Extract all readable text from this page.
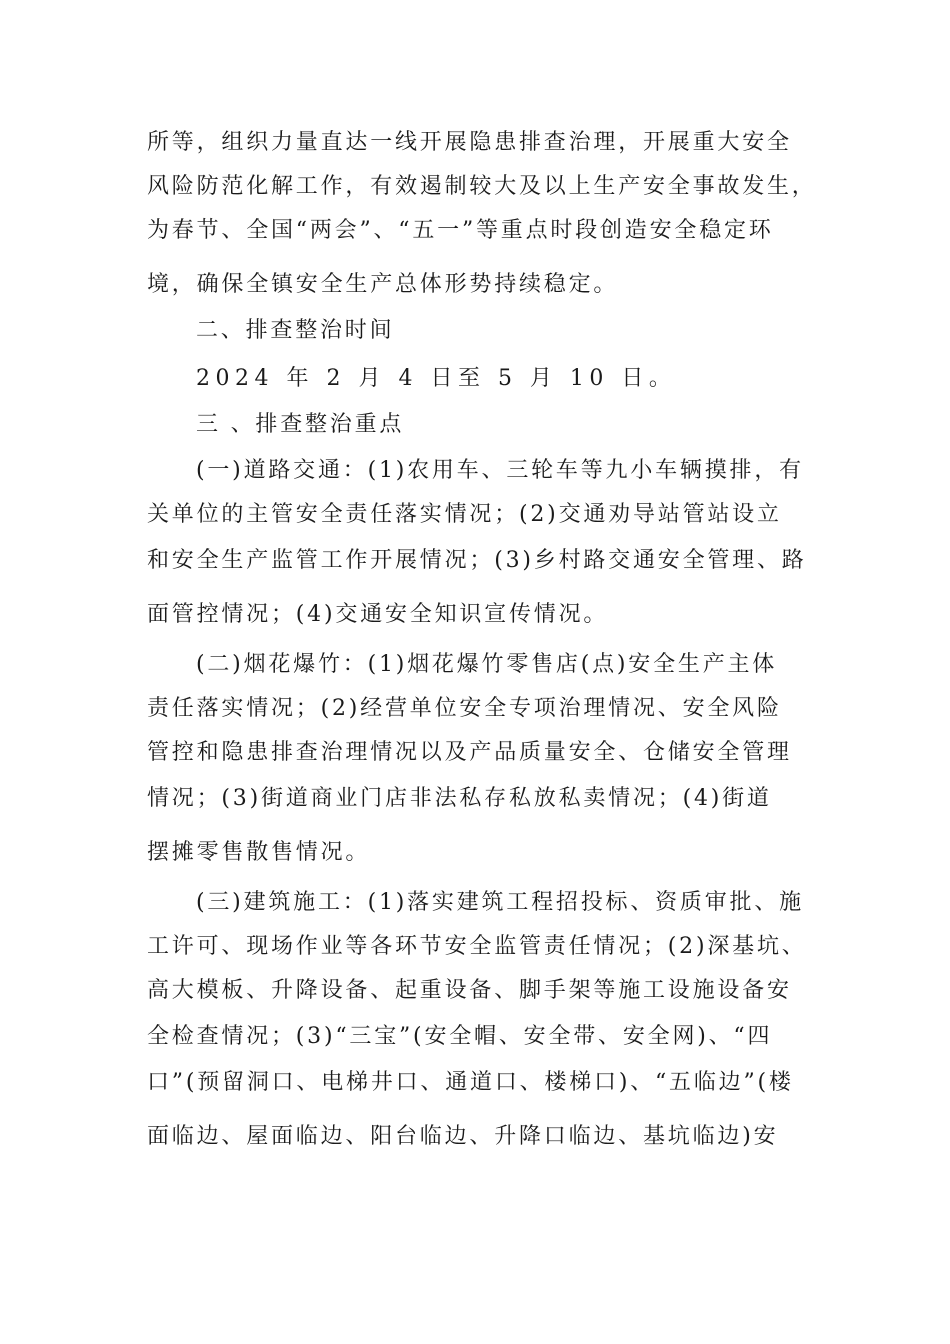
所等，组织力量直达一线开展隐患排查治理，开展重大安全
风险防范化解工作，有效遏制较大及以上生产安全事故发生，
为春节、全国“两会”、“五一”等重点时段创造安全稳定环
境，确保全镇安全生产总体形势持续稳定。
二、排查整治时间
2024 年 2 月 4 日至 5 月 10 日。
三 、排查整治重点
(一)道路交通：(1)农用车、三轮车等九小车辆摸排，有
关单位的主管安全责任落实情况；(2)交通劝导站管站设立
和安全生产监管工作开展情况；(3)乡村路交通安全管理、路
面管控情况；(4)交通安全知识宣传情况。
(二)烟花爆竹：(1)烟花爆竹零售店(点)安全生产主体
责任落实情况；(2)经营单位安全专项治理情况、安全风险
管控和隐患排查治理情况以及产品质量安全、仓储安全管理
情况；(3)街道商业门店非法私存私放私卖情况；(4)街道
摆摊零售散售情况。
(三)建筑施工：(1)落实建筑工程招投标、资质审批、施
工许可、现场作业等各环节安全监管责任情况；(2)深基坑、
高大模板、升降设备、起重设备、脚手架等施工设施设备安
全检查情况；(3)“三宝”(安全帽、安全带、安全网)、“四
口”(预留洞口、电梯井口、通道口、楼梯口)、“五临边”(楼
面临边、屋面临边、阳台临边、升降口临边、基坑临边)安
